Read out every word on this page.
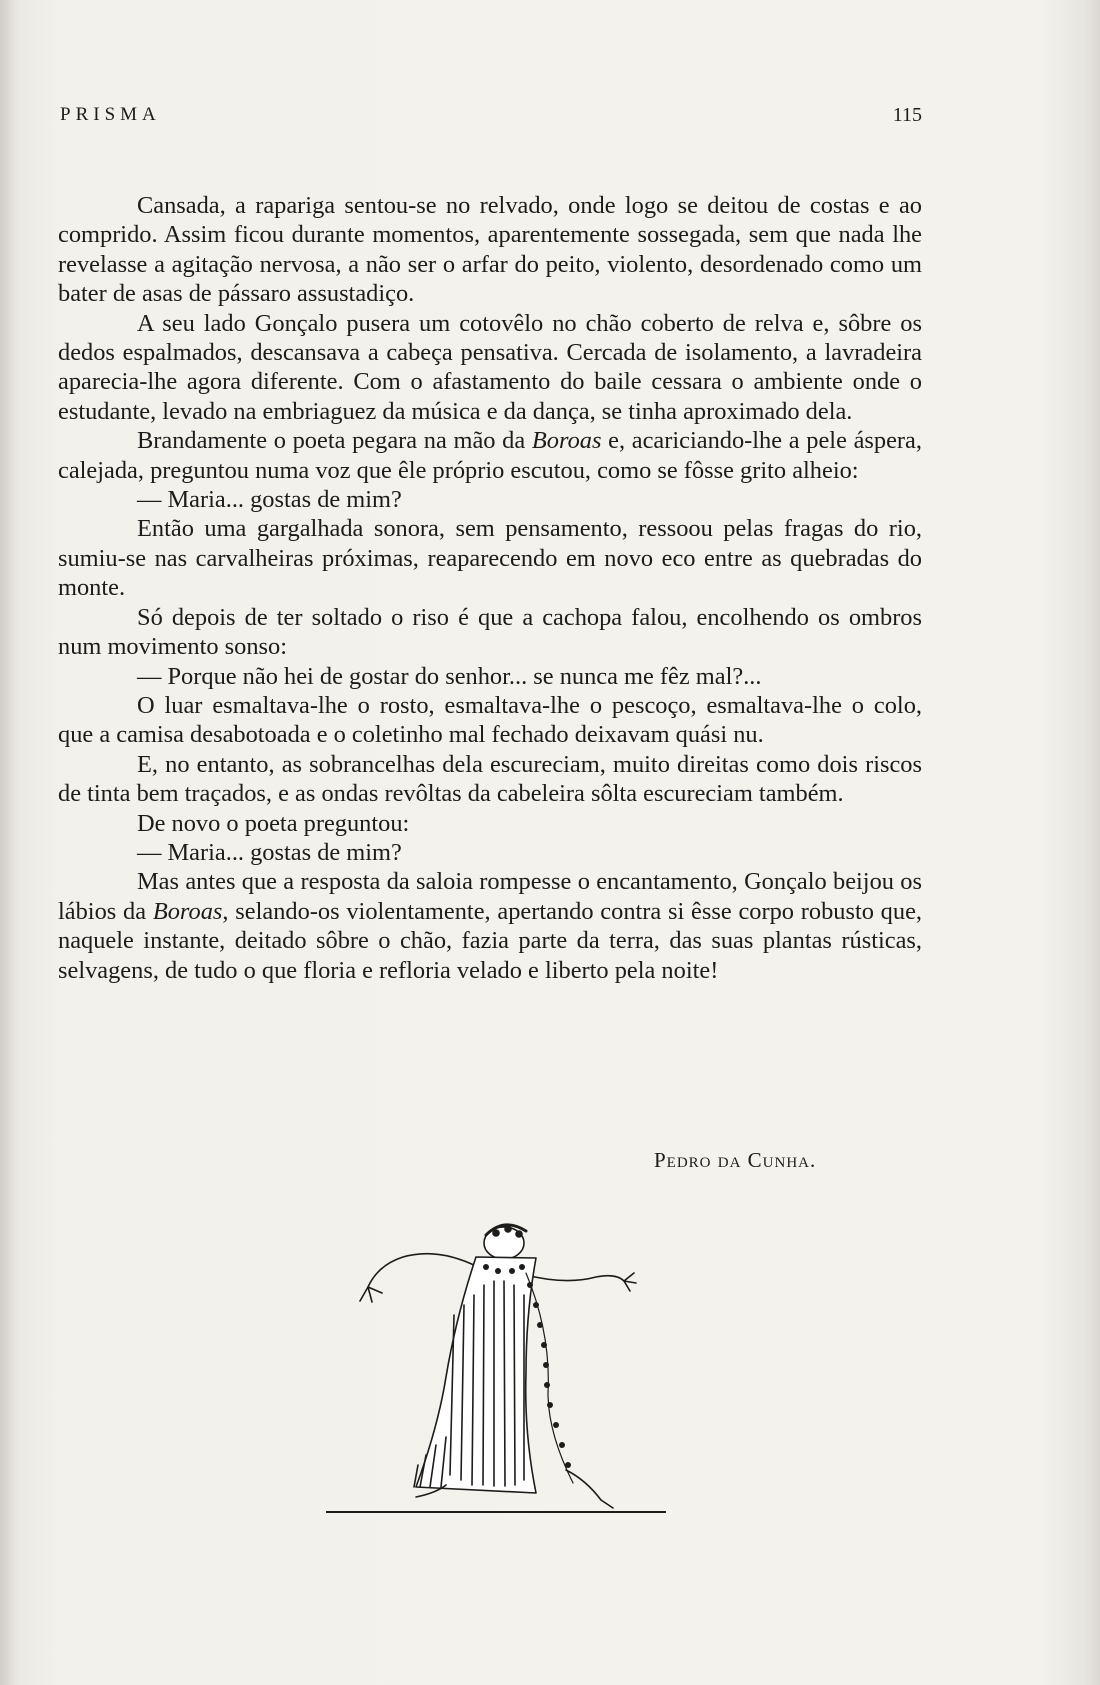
PRISMA	115

Cansada, a rapariga sentou-se no relvado, onde logo se deitou de costas e ao comprido. Assim ficou durante momentos, aparentemente sossegada, sem que nada lhe revelasse a agitação nervosa, a não ser o arfar do peito, violento, desordenado como um bater de asas de pássaro assustadiço.

A seu lado Gonçalo pusera um cotovêlo no chão coberto de relva e, sôbre os dedos espalmados, descansava a cabeça pensativa. Cercada de isolamento, a lavradeira aparecia-lhe agora diferente. Com o afastamento do baile cessara o ambiente onde o estudante, levado na embriaguez da música e da dança, se tinha aproximado dela.

Brandamente o poeta pegara na mão da Boroas e, acariciando-lhe a pele áspera, calejada, preguntou numa voz que êle próprio escutou, como se fôsse grito alheio:

— Maria... gostas de mim?

Então uma gargalhada sonora, sem pensamento, ressoou pelas fragas do rio, sumiu-se nas carvalheiras próximas, reaparecendo em novo eco entre as quebradas do monte.

Só depois de ter soltado o riso é que a cachopa falou, encolhendo os ombros num movimento sonso:

— Porque não hei de gostar do senhor... se nunca me fêz mal?...

O luar esmaltava-lhe o rosto, esmaltava-lhe o pescoço, esmaltava-lhe o colo, que a camisa desabotoada e o coletinho mal fechado deixavam quási nu.

E, no entanto, as sobrancelhas dela escureciam, muito direitas como dois riscos de tinta bem traçados, e as ondas revôltas da cabeleira sôlta escureciam também.

De novo o poeta preguntou:

— Maria... gostas de mim?

Mas antes que a resposta da saloia rompesse o encantamento, Gonçalo beijou os lábios da Boroas, selando-os violentamente, apertando contra si êsse corpo robusto que, naquele instante, deitado sôbre o chão, fazia parte da terra, das suas plantas rústicas, selvagens, de tudo o que floria e refloria velado e liberto pela noite!

Pedro da Cunha.
